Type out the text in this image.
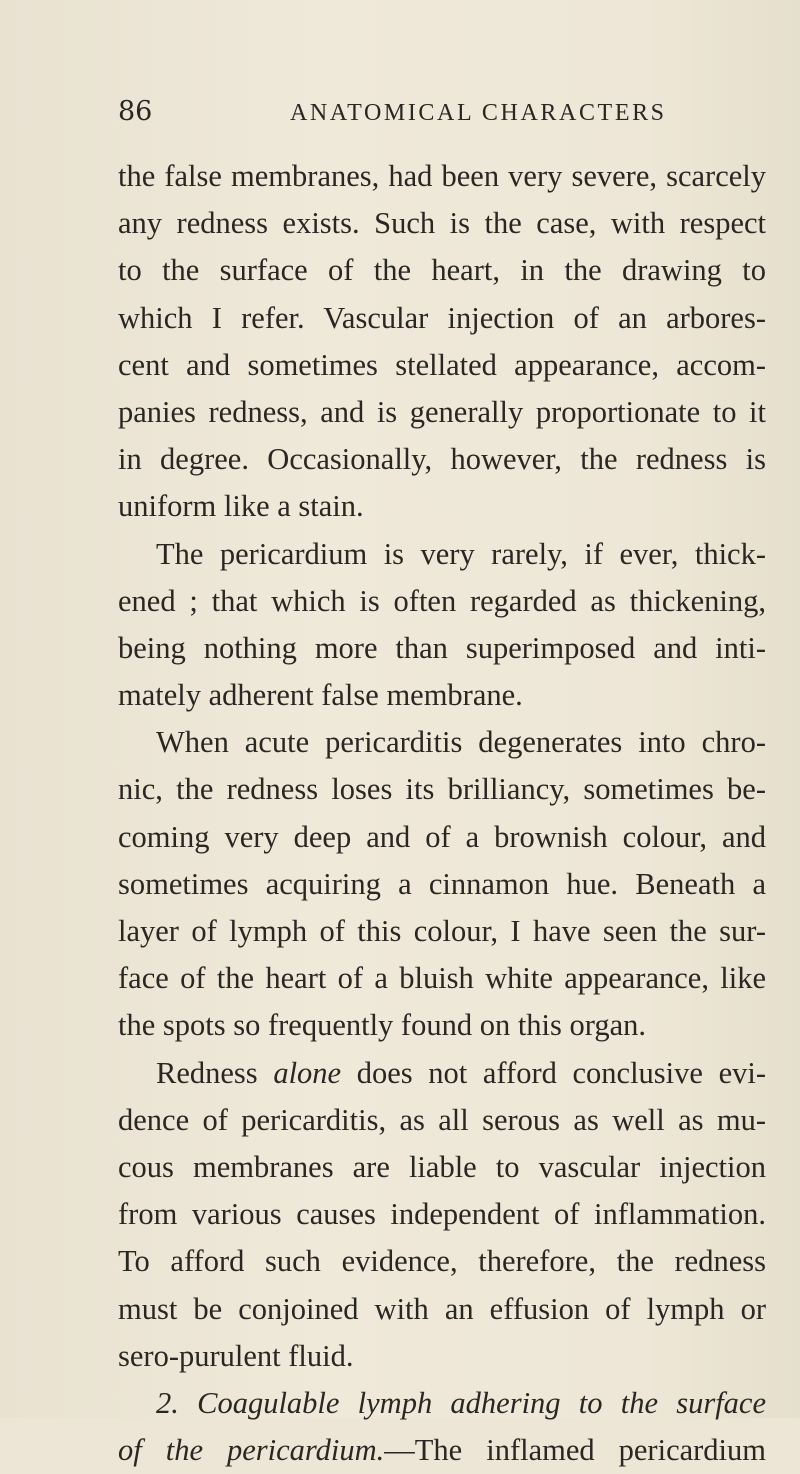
86	ANATOMICAL CHARACTERS
the false membranes, had been very severe, scarcely
any redness exists. Such is the case, with respect
to the surface of the heart, in the drawing to
which I refer. Vascular injection of an arbores-
cent and sometimes stellated appearance, accom-
panies redness, and is generally proportionate to it
in degree. Occasionally, however, the redness is
uniform like a stain.
The pericardium is very rarely, if ever, thick-
ened ; that which is often regarded as thickening,
being nothing more than superimposed and inti-
mately adherent false membrane.
When acute pericarditis degenerates into chro-
nic, the redness loses its brilliancy, sometimes be-
coming very deep and of a brownish colour, and
sometimes acquiring a cinnamon hue. Beneath a
layer of lymph of this colour, I have seen the sur-
face of the heart of a bluish white appearance, like
the spots so frequently found on this organ.
Redness alone does not afford conclusive evi-
dence of pericarditis, as all serous as well as mu-
cous membranes are liable to vascular injection
from various causes independent of inflammation.
To afford such evidence, therefore, the redness
must be conjoined with an effusion of lymph or
sero-purulent fluid.
2. Coagulable lymph adhering to the surface
of the pericardium.—The inflamed pericardium
